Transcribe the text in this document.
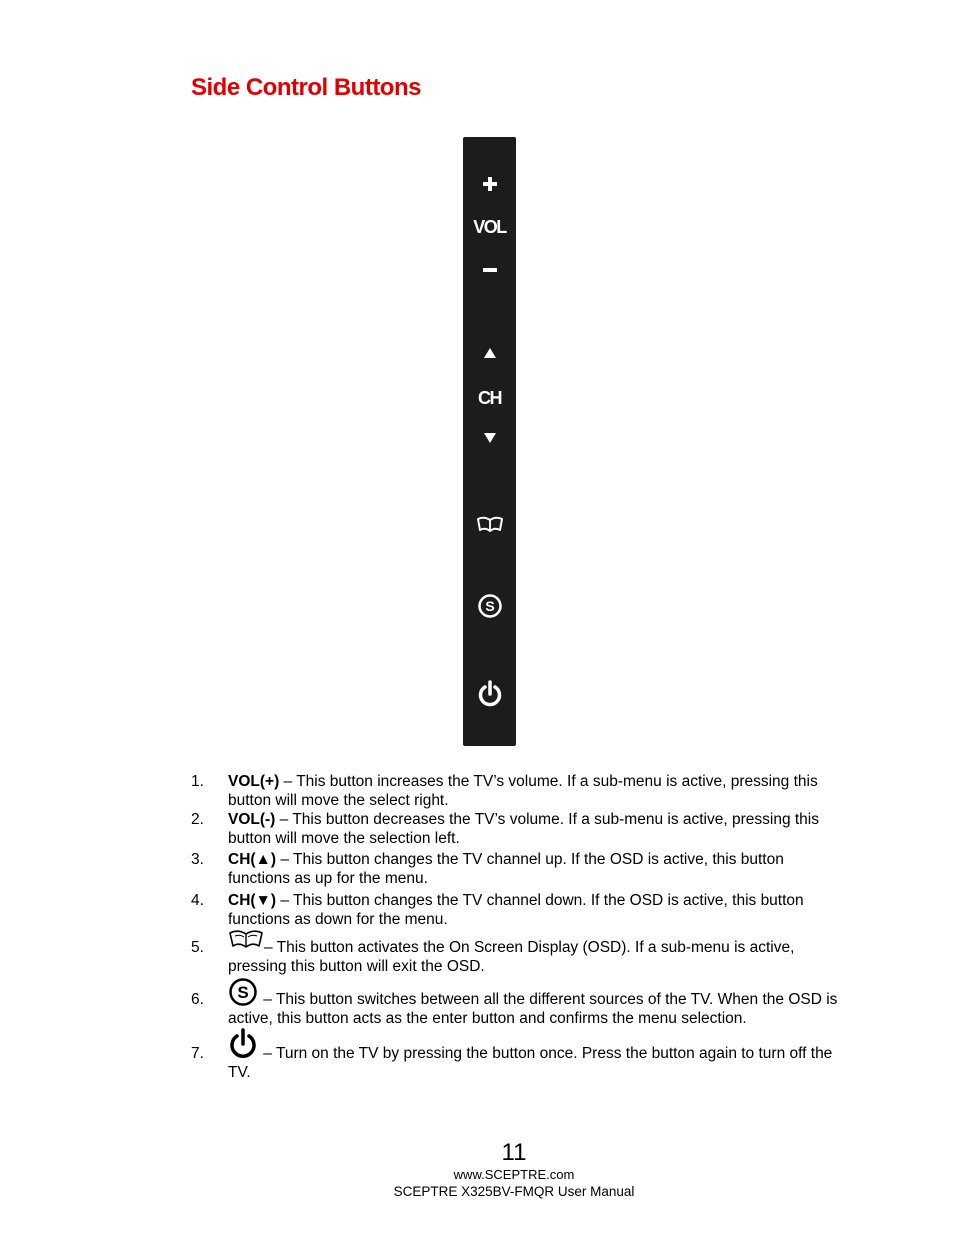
Side Control Buttons
VOL
CH
S
1. VOL(+) – This button increases the TV’s volume. If a sub-menu is active, pressing this button will move the select right.
2. VOL(-) – This button decreases the TV’s volume. If a sub-menu is active, pressing this button will move the selection left.
3. CH(▲) – This button changes the TV channel up. If the OSD is active, this button functions as up for the menu.
4. CH(▼) – This button changes the TV channel down. If the OSD is active, this button functions as down for the menu.
5.	– This button activates the On Screen Display (OSD). If a sub-menu is active, pressing this button will exit the OSD.
6. S – This button switches between all the different sources of the TV. When the OSD is active, this button acts as the enter button and confirms the menu selection.
7.	– Turn on the TV by pressing the button once. Press the button again to turn off the TV.
11
www.SCEPTRE.com
SCEPTRE X325BV-FMQR User Manual
